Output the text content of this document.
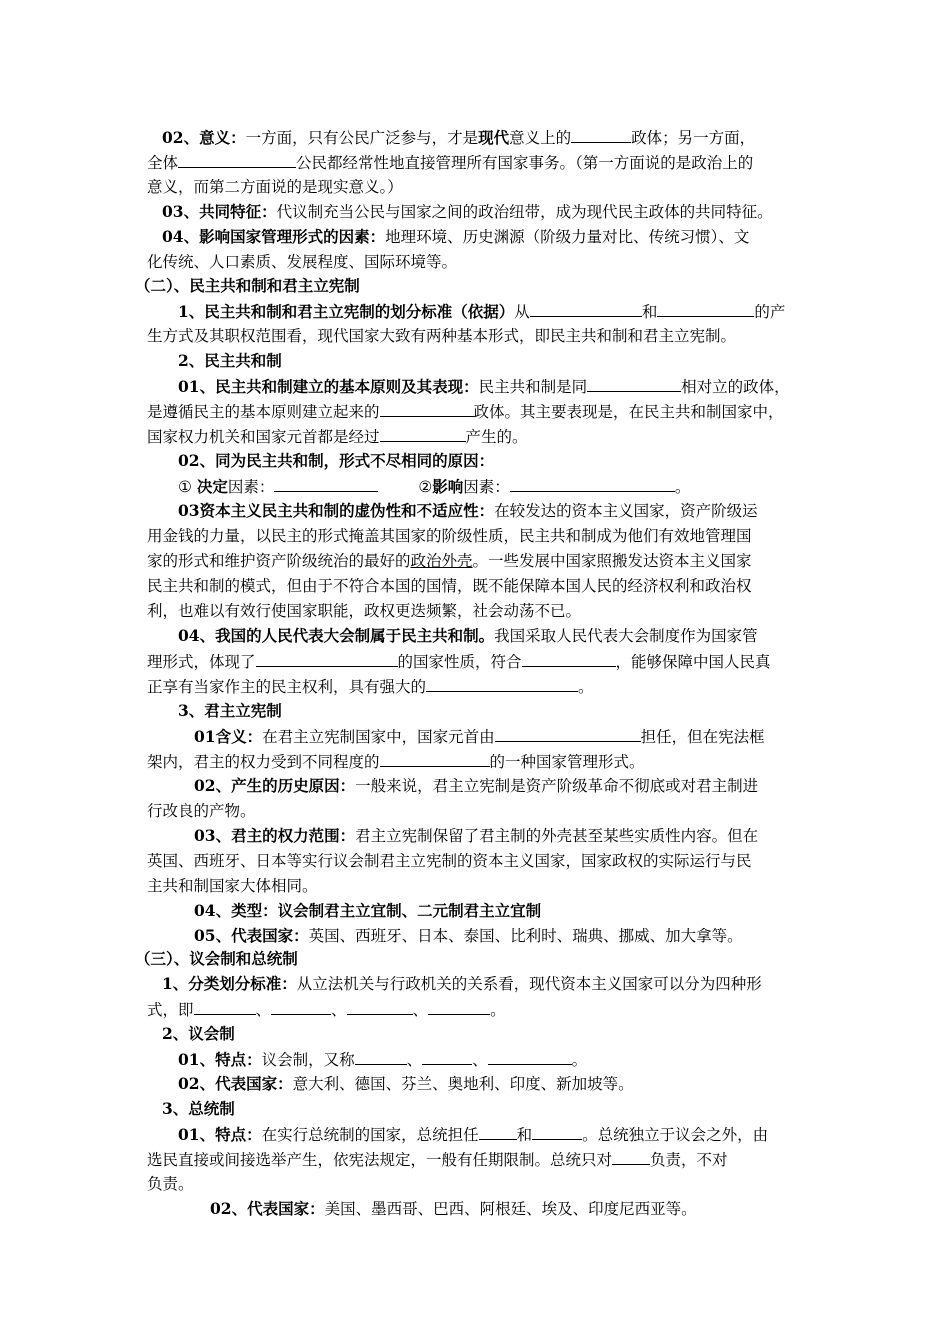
02、意义：一方面，只有公民广泛参与，才是现代意义上的	政体；另一方面，
全体	公民都经常性地直接管理所有国家事务。（第一方面说的是政治上的
意义，而第二方面说的是现实意义。）
03、共同特征：代议制充当公民与国家之间的政治纽带，成为现代民主政体的共同特征。
04、影响国家管理形式的因素：地理环境、历史渊源（阶级力量对比、传统习惯）、文
化传统、人口素质、发展程度、国际环境等。
（二）、民主共和制和君主立宪制
1、民主共和制和君主立宪制的划分标准（依据）从	和	的产
生方式及其职权范围看，现代国家大致有两种基本形式，即民主共和制和君主立宪制。
2、民主共和制
01、民主共和制建立的基本原则及其表现：民主共和制是同	相对立的政体，
是遵循民主的基本原则建立起来的	政体。其主要表现是，在民主共和制国家中，
国家权力机关和国家元首都是经过	产生的。
02、同为民主共和制，形式不尽相同的原因：
① 决定因素：	②影响因素：	。
03资本主义民主共和制的虚伪性和不适应性：在较发达的资本主义国家，资产阶级运
用金钱的力量，以民主的形式掩盖其国家的阶级性质，民主共和制成为他们有效地管理国
家的形式和维护资产阶级统治的最好的政治外壳。一些发展中国家照搬发达资本主义国家
民主共和制的模式，但由于不符合本国的国情，既不能保障本国人民的经济权利和政治权
利，也难以有效行使国家职能，政权更迭频繁，社会动荡不已。
04、我国的人民代表大会制属于民主共和制。我国采取人民代表大会制度作为国家管
理形式，体现了	的国家性质，符合	，能够保障中国人民真
正享有当家作主的民主权利，具有强大的	。
3、君主立宪制
01含义：在君主立宪制国家中，国家元首由	担任，但在宪法框
架内，君主的权力受到不同程度的	的一种国家管理形式。
02、产生的历史原因：一般来说，君主立宪制是资产阶级革命不彻底或对君主制进
行改良的产物。
03、君主的权力范围：君主立宪制保留了君主制的外壳甚至某些实质性内容。但在
英国、西班牙、日本等实行议会制君主立宪制的资本主义国家，国家政权的实际运行与民
主共和制国家大体相同。
04、类型：议会制君主立宜制、二元制君主立宜制
05、代表国家：英国、西班牙、日本、泰国、比利时、瑞典、挪威、加大拿等。
（三）、议会制和总统制
1、分类划分标准：从立法机关与行政机关的关系看，现代资本主义国家可以分为四种形
式，即	、	、	、	。
2、议会制
01、特点：议会制，又称	、	、	。
02、代表国家：意大利、德国、芬兰、奥地利、印度、新加坡等。
3、总统制
01、特点：在实行总统制的国家，总统担任 和	。总统独立于议会之外，由
选民直接或间接选举产生，依宪法规定，一般有任期限制。总统只对 负责，不对
负责。
02、代表国家：美国、墨西哥、巴西、阿根廷、埃及、印度尼西亚等。
